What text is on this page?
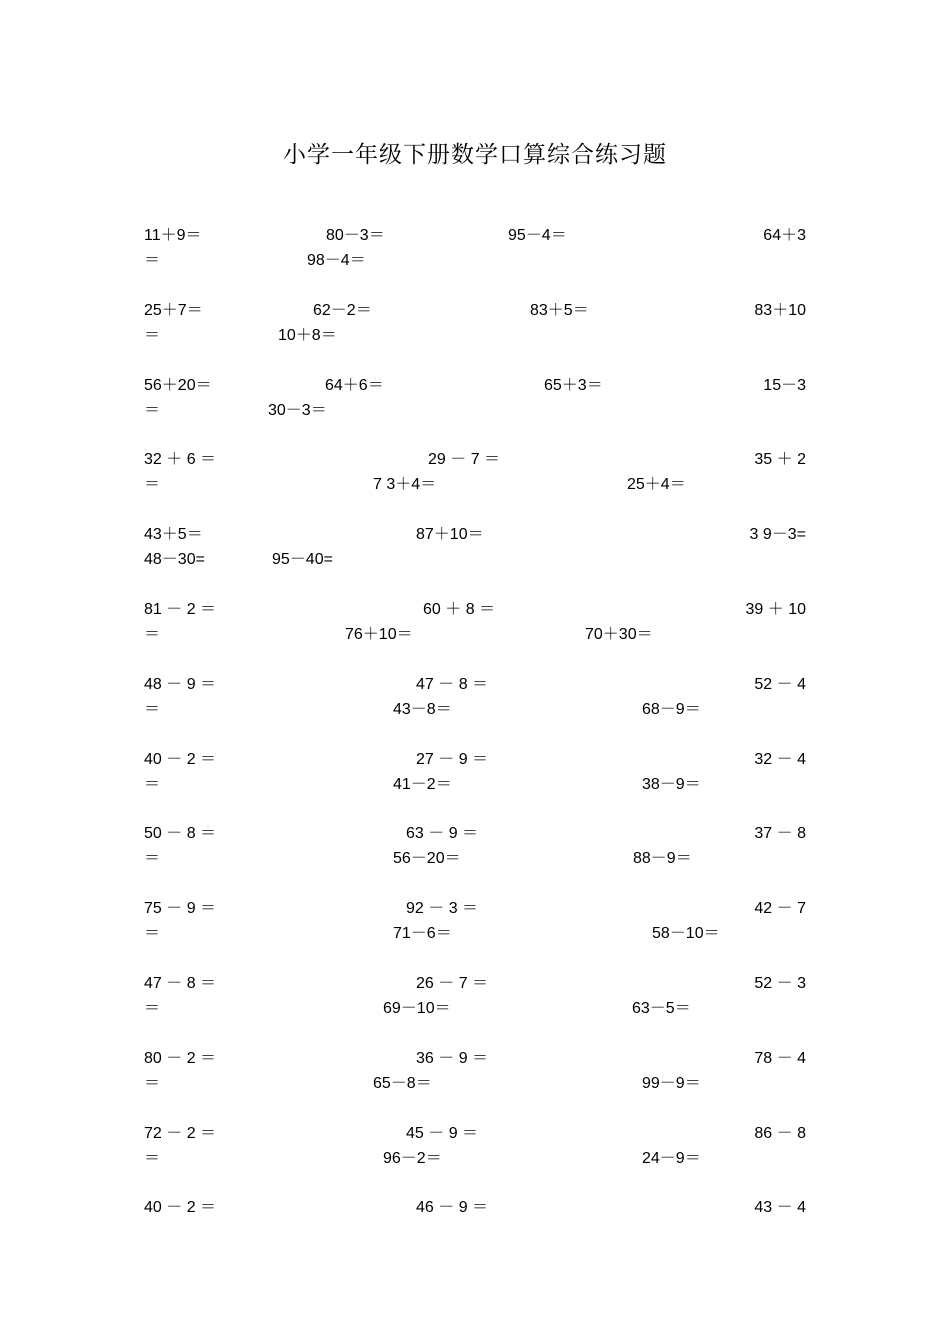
小学一年级下册数学口算综合练习题
11＋9＝	80－3＝	95－4＝	64＋3
＝	98－4＝
25＋7＝	62－2＝	83＋5＝	83＋10
＝	10＋8＝
56＋20＝	64＋6＝	65＋3＝	15－3
＝	30－3＝
32 ＋ 6 ＝	29 － 7 ＝	35 ＋ 2
＝	7 3＋4＝	25＋4＝
43＋5＝	87＋10＝	3 9－3=
48－30=	95－40=
81 － 2 ＝	60 ＋ 8 ＝	39 ＋ 10
＝	76＋10＝	70＋30＝
48 － 9 ＝	47 － 8 ＝	52 － 4
＝	43－8＝	68－9＝
40 － 2 ＝	27 － 9 ＝	32 － 4
＝	41－2＝	38－9＝
50 － 8 ＝	63 － 9 ＝	37 － 8
＝	56－20＝	88－9＝
75 － 9 ＝	92 － 3 ＝	42 － 7
＝	71－6＝	58－10＝
47 － 8 ＝	26 － 7 ＝	52 － 3
＝	69－10＝	63－5＝
80 － 2 ＝	36 － 9 ＝	78 － 4
＝	65－8＝	99－9＝
72 － 2 ＝	45 － 9 ＝	86 － 8
＝	96－2＝	24－9＝
40 － 2 ＝	46 － 9 ＝	43 － 4
